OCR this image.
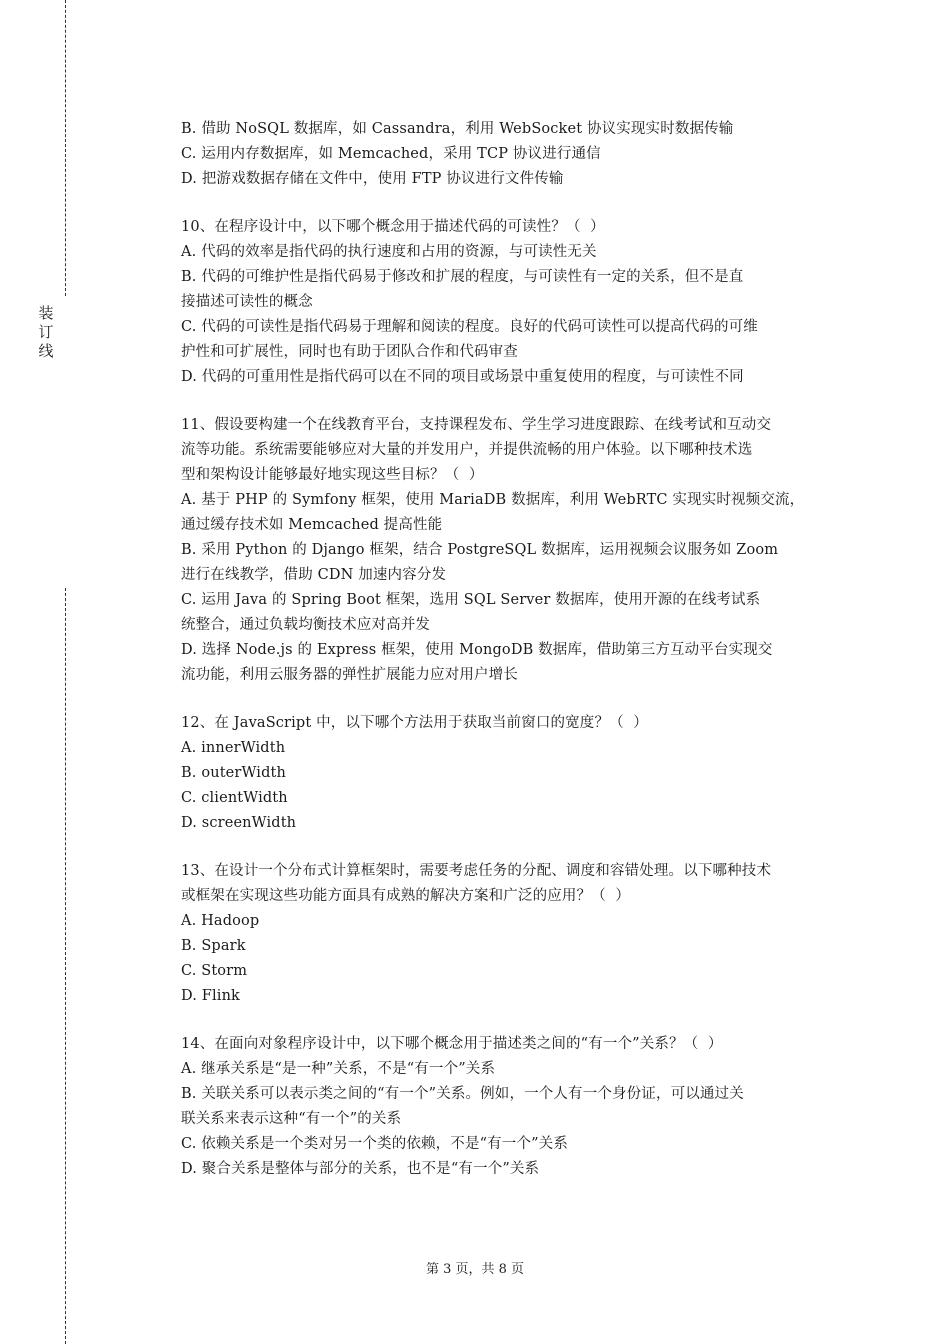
装
订
线
B. 借助 NoSQL 数据库，如 Cassandra，利用 WebSocket 协议实现实时数据传输
C. 运用内存数据库，如 Memcached，采用 TCP 协议进行通信
D. 把游戏数据存储在文件中，使用 FTP 协议进行文件传输
10、在程序设计中，以下哪个概念用于描述代码的可读性？（  ）
A. 代码的效率是指代码的执行速度和占用的资源，与可读性无关
B. 代码的可维护性是指代码易于修改和扩展的程度，与可读性有一定的关系，但不是直
接描述可读性的概念
C. 代码的可读性是指代码易于理解和阅读的程度。良好的代码可读性可以提高代码的可维
护性和可扩展性，同时也有助于团队合作和代码审查
D. 代码的可重用性是指代码可以在不同的项目或场景中重复使用的程度，与可读性不同
11、假设要构建一个在线教育平台，支持课程发布、学生学习进度跟踪、在线考试和互动交
流等功能。系统需要能够应对大量的并发用户，并提供流畅的用户体验。以下哪种技术选
型和架构设计能够最好地实现这些目标？（  ）
A. 基于 PHP 的 Symfony 框架，使用 MariaDB 数据库，利用 WebRTC 实现实时视频交流，
通过缓存技术如 Memcached 提高性能
B. 采用 Python 的 Django 框架，结合 PostgreSQL 数据库，运用视频会议服务如 Zoom
进行在线教学，借助 CDN 加速内容分发
C. 运用 Java 的 Spring Boot 框架，选用 SQL Server 数据库，使用开源的在线考试系
统整合，通过负载均衡技术应对高并发
D. 选择 Node.js 的 Express 框架，使用 MongoDB 数据库，借助第三方互动平台实现交
流功能，利用云服务器的弹性扩展能力应对用户增长
12、在 JavaScript 中，以下哪个方法用于获取当前窗口的宽度？（  ）
A. innerWidth
B. outerWidth
C. clientWidth
D. screenWidth
13、在设计一个分布式计算框架时，需要考虑任务的分配、调度和容错处理。以下哪种技术
或框架在实现这些功能方面具有成熟的解决方案和广泛的应用？（  ）
A. Hadoop
B. Spark
C. Storm
D. Flink
14、在面向对象程序设计中，以下哪个概念用于描述类之间的“有一个”关系？（  ）
A. 继承关系是“是一种”关系，不是“有一个”关系
B. 关联关系可以表示类之间的“有一个”关系。例如，一个人有一个身份证，可以通过关
联关系来表示这种“有一个”的关系
C. 依赖关系是一个类对另一个类的依赖，不是“有一个”关系
D. 聚合关系是整体与部分的关系，也不是“有一个”关系
第 3 页，共 8 页
